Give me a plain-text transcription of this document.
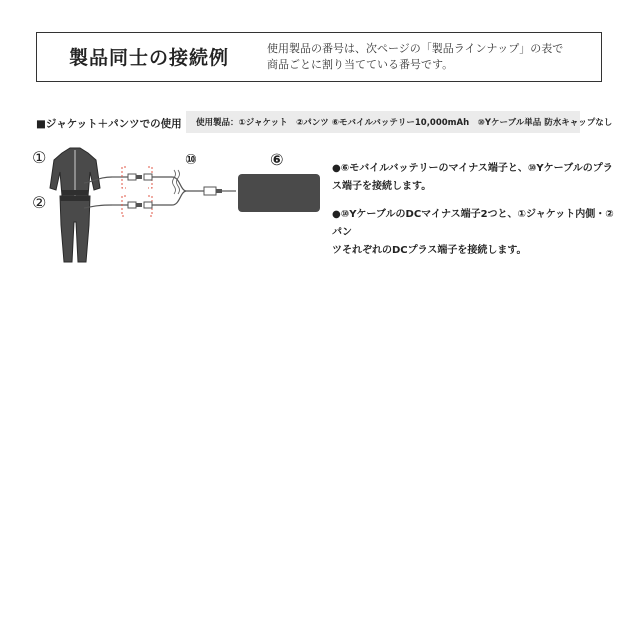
製品同士の接続例	使用製品の番号は、次ページの「製品ラインナップ」の表で
商品ごとに割り当てている番号です。
■ジャケット＋パンツでの使用 使用製品：①ジャケット　②パンツ ⑥モバイルバッテリー10,000mAh　⑩Yケーブル単品 防水キャップなし
①
②
⑩	⑥	●⑥モバイルバッテリーのマイナス端子と、⑩Yケーブルのプラ
ス端子を接続します。
●⑩YケーブルのDCマイナス端子2つと、①ジャケット内側・②パン
ツそれぞれのDCプラス端子を接続します。
